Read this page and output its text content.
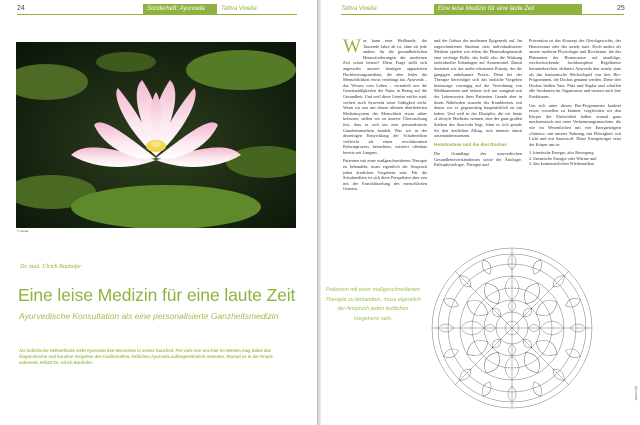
24	Sonderheft: Ayurveda	Tattva Viveka
© fotolia
Dr. med. Ulrich Bauhofer
Eine leise Medizin für eine laute Zeit
Ayurvedische Konsultation als eine personalisierte Ganzheitsmedizin
Als holistische Heilmethode sieht Ayurveda den Menschen in seiner Ganzheit. Für viele von uns hier im Westen mag dabei das diagnostische und kurative Vorgehen des traditionellen, östlichen Ayurveda außergewöhnlich anmuten. Worauf es in der Praxis ankommt, erklärt Dr. Ulrich Bauhofer.
Tattva Viveka	Eine leise Medizin für eine laute Zeit	25

Was kann eine Heilkunde, die Tausende Jahre alt ist, ohne als jede andere, für die gesundheitlichen Herausforderungen der modernen Zeit schon leisten? Diese Frage stellt sich angesichts unserer heutigen apparativen Hochleistungsmedizin, die aber leider die Menschlichkeit etwas verdrängt hat. Ayurveda – das Wissen vom Leben – vermittelt uns die Gesetzmäßigkeiten der Natur in Bezug auf die Gesundheit. Und weil diese Gesetze zeitlos sind, verliert auch Ayurveda seine Gültigkeit nicht. Wenn wir uns mit diesen ältesten überlieferten Medizinsystem der Menschheit etwas näher befassen, stellen wir zu unserer Überraschung fest, dass es sich um eine personalisierte Ganzheitsmedizin handelt. Was wir in der derzeitigen Entwicklung der Schulmedizin vielleicht als einen revolutionären Reformprozess betrachten, existiert offenbar bereits seit Langem.

Patienten mit einer maßgeschneiderten Therapie zu behandeln, muss eigentlich der Anspruch jeden ärztlichen Vorgehens sein. Für die Schulmedizin ist sich diese Perspektive aber erst mit der Entschlüsselung des menschlichen Genoms

und der Geburt der modernen Epigenetik auf. Im zugeschnittenen Studium stets individualisierter Medizin spielen wie allem die Pharmakogenomik eine wichtige Rolle, das heißt also die Wirkung individueller Erbanlagen auf Arzneimittel. Damit beziehen wir das uralte rekurrente Prinzip, der die gängigen anbekannte Praxis. Denn bei der Therapie berechtigte sich das ärztliche Vorgehen heutzutage vorrangig auf die Verordnung von Medikamenten und befasst sich nur marginal mit der Lebensweise ihres Patienten. Gerade aber in ihnen Nährboden wurzeln der Krankheiten, mit denen wir es gegenwärtig hauptsächlich zu tun haben. Und weil in der Disziplin, die wir heute »Lifestyle Medizin« nennen, eine der ganz großen Stärken des Ayurveda liegt, lohnt es sich gerade für den ärztlichen Alltag, sich intensiv damit auseinanderzusetzen.

Homöostase und die drei Doshas

Die Grundlage des ayurvedischen Gesundheitsverständnisses sowie der Ätiologie, Pathophysiologie, Therapie und

Prävention ist das Konzept des Gleichgewichts, der Homöostase oder des steady state. Doch anders als unsere moderne Physiologie und Biochemie, die das Phänomen der Homöostase auf unzählige, wechselwirkende, hochkomplexe Regelkreise herunterbrechen, definiert Ayurveda den steady state als das harmonische Wechselspiel von drei Bio-Programmen, die Doshas genannt werden. Diese drei Doshas heißen Vata, Pitta und Kapha und schaffen alle Strukturen im Organismus und steuern auch ihre Funktionen.

Um sich unter diesen Bio-Programmen konkret etwas vorstellen zu können, vergleichen wir den Körper der Einfachheit halber einmal ganz mechanistisch mit einer Verbrennungsmaschine, die wie im Wesentlichen mit vier Energieträgern »füttern«: mit unserer Nahrung, mit Flüssigkeit, mit Licht und mit Sauerstoff. Diese Energieträger setzt der Körper um in:

1. kinetische Energie, also Bewegung
2. thermische Energie oder Wärme und
3. den kontinuierlichen Wiederaufbau
Patienten mit einer maßgeschneiderten Therapie zu behandeln, muss eigentlich der Anspruch jeden ärztlichen Vorgehens sein.
Ayurveda
